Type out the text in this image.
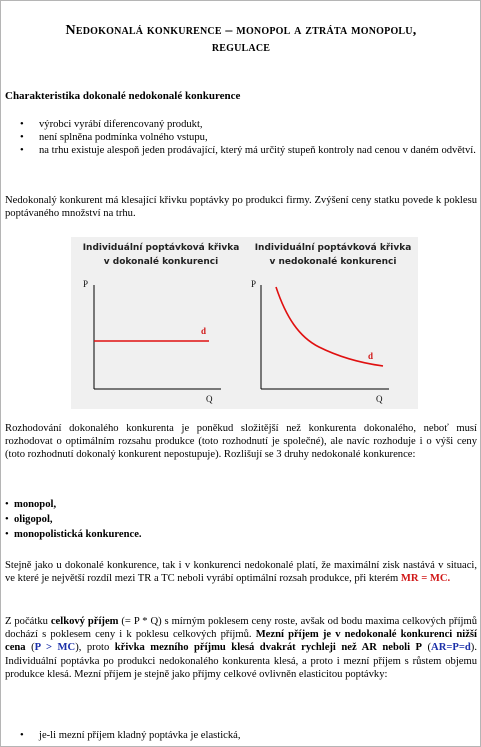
Nedokonalá konkurence – monopol a ztráta monopolu,
regulace
Charakteristika dokonalé nedokonalé konkurence
• výrobci vyrábí diferencovaný produkt,
• není splněna podmínka volného vstupu,
• na trhu existuje alespoň jeden prodávající, který má určitý stupeň kontroly nad cenou v daném odvětví.
Nedokonalý konkurent má klesající křivku poptávky po produkci firmy. Zvýšení ceny statku povede k poklesu poptávaného množství na trhu.
Individuální poptávková křivka
v dokonalé konkurenci
P
Q
d
Individuální poptávková křivka
v nedokonalé konkurenci
P
Q
d
Rozhodování dokonalého konkurenta je poněkud složitější než konkurenta dokonalého, neboť musí rozhodovat o optimálním rozsahu produkce (toto rozhodnutí je společné), ale navíc rozhoduje i o výši ceny (toto rozhodnutí dokonalý konkurent nepostupuje). Rozlišují se 3 druhy nedokonalé konkurence:
• monopol,
• oligopol,
• monopolistická konkurence.
Stejně jako u dokonalé konkurence, tak i v konkurenci nedokonalé platí, že maximální zisk nastává v situaci, ve které je největší rozdíl mezi TR a TC neboli vyrábí optimální rozsah produkce, při kterém MR = MC.
Z počátku celkový příjem (= P * Q) s mírným poklesem ceny roste, avšak od bodu maxima celkových příjmů dochází s poklesem ceny i k poklesu celkových příjmů. Mezní příjem je v nedokonalé konkurenci nižší cena (P > MC), proto křivka mezního příjmu klesá dvakrát rychleji než AR neboli P (AR=P=d). Individuální poptávka po produkci nedokonalého konkurenta klesá, a proto i mezní příjem s růstem objemu produkce klesá. Mezní příjem je stejně jako příjmy celkové ovlivněn elasticitou poptávky:
• je-li mezní příjem kladný poptávka je elastická,
